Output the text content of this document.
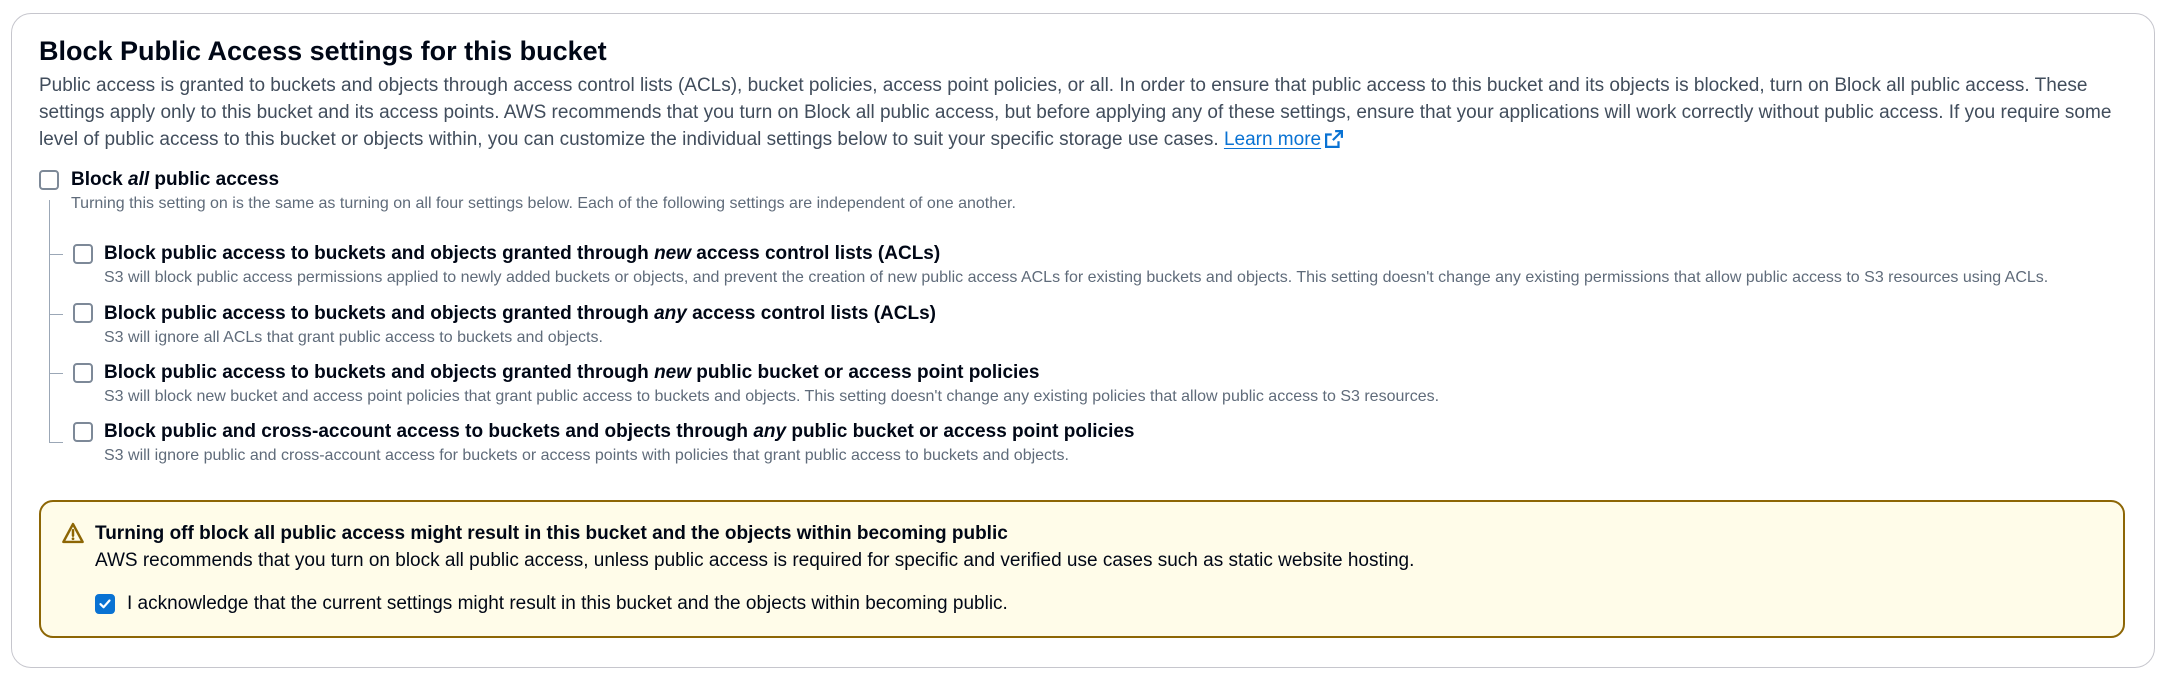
Block Public Access settings for this bucket

Public access is granted to buckets and objects through access control lists (ACLs), bucket policies, access point policies, or all. In order to ensure that public access to this bucket and its objects is blocked, turn on Block all public access. These settings apply only to this bucket and its access points. AWS recommends that you turn on Block all public access, but before applying any of these settings, ensure that your applications will work correctly without public access. If you require some level of public access to this bucket or objects within, you can customize the individual settings below to suit your specific storage use cases. Learn more

Block all public access
Turning this setting on is the same as turning on all four settings below. Each of the following settings are independent of one another.
Block public access to buckets and objects granted through new access control lists (ACLs)
S3 will block public access permissions applied to newly added buckets or objects, and prevent the creation of new public access ACLs for existing buckets and objects. This setting doesn't change any existing permissions that allow public access to S3 resources using ACLs.
Block public access to buckets and objects granted through any access control lists (ACLs)
S3 will ignore all ACLs that grant public access to buckets and objects.
Block public access to buckets and objects granted through new public bucket or access point policies
S3 will block new bucket and access point policies that grant public access to buckets and objects. This setting doesn't change any existing policies that allow public access to S3 resources.
Block public and cross-account access to buckets and objects through any public bucket or access point policies
S3 will ignore public and cross-account access for buckets or access points with policies that grant public access to buckets and objects.
Turning off block all public access might result in this bucket and the objects within becoming public
AWS recommends that you turn on block all public access, unless public access is required for specific and verified use cases such as static website hosting.
I acknowledge that the current settings might result in this bucket and the objects within becoming public.
